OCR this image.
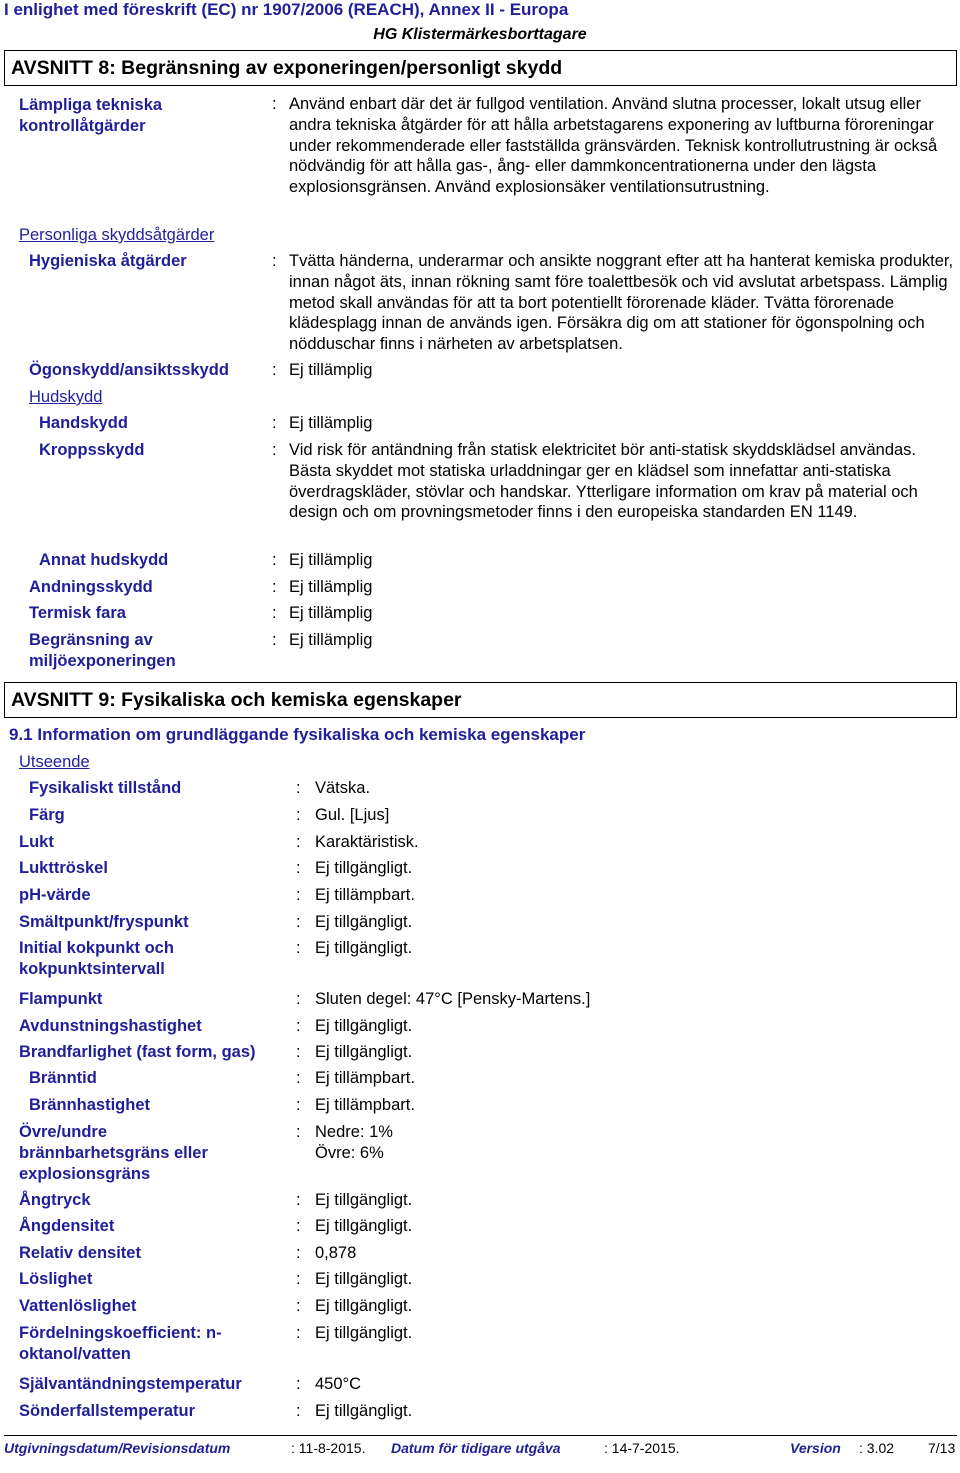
I enlighet med föreskrift (EC) nr 1907/2006 (REACH), Annex II - Europa
HG Klistermärkesborttagare
AVSNITT 8: Begränsning av exponeringen/personligt skydd
Lämpliga tekniska kontrollåtgärder
: Använd enbart där det är fullgod ventilation. Använd slutna processer, lokalt utsug eller andra tekniska åtgärder för att hålla arbetstagarens exponering av luftburna föroreningar under rekommenderade eller fastställda gränsvärden. Teknisk kontrollutrustning är också nödvändig för att hålla gas-, ång- eller dammkoncentrationerna under den lägsta explosionsgränsen. Använd explosionsäker ventilationsutrustning.
Personliga skyddsåtgärder
Hygieniska åtgärder	: Tvätta händerna, underarmar och ansikte noggrant efter att ha hanterat kemiska produkter, innan något äts, innan rökning samt före toalettbesök och vid avslutat arbetspass. Lämplig metod skall användas för att ta bort potentiellt förorenade kläder. Tvätta förorenade klädesplagg innan de används igen. Försäkra dig om att stationer för ögonspolning och nödduschar finns i närheten av arbetsplatsen.
Ögonskydd/ansiktsskydd	: Ej tillämplig
Hudskydd
Handskydd	: Ej tillämplig
Kroppsskydd	: Vid risk för antändning från statisk elektricitet bör anti-statisk skyddsklädsel användas. Bästa skyddet mot statiska urladdningar ger en klädsel som innefattar anti-statiska överdragskläder, stövlar och handskar. Ytterligare information om krav på material och design och om provningsmetoder finns i den europeiska standarden EN 1149.
Annat hudskydd	: Ej tillämplig
Andningsskydd	: Ej tillämplig
Termisk fara	: Ej tillämplig
Begränsning av miljöexponeringen
: Ej tillämplig
AVSNITT 9: Fysikaliska och kemiska egenskaper
9.1 Information om grundläggande fysikaliska och kemiska egenskaper
Utseende
Fysikaliskt tillstånd	: Vätska.
Färg	: Gul. [Ljus]
Lukt	: Karaktäristisk.
Lukttröskel	: Ej tillgängligt.
pH-värde	: Ej tillämpbart.
Smältpunkt/fryspunkt	: Ej tillgängligt.
Initial kokpunkt och kokpunktsintervall
: Ej tillgängligt.
Flampunkt	: Sluten degel: 47°C [Pensky-Martens.]
Avdunstningshastighet	: Ej tillgängligt.
Brandfarlighet (fast form, gas) : Ej tillgängligt.
Bränntid	: Ej tillämpbart.
Brännhastighet	: Ej tillämpbart.
Övre/undre brännbarhetsgräns eller explosionsgräns
: Nedre: 1%
Övre: 6%
Ångtryck	: Ej tillgängligt.
Ångdensitet	: Ej tillgängligt.
Relativ densitet	: 0,878
Löslighet	: Ej tillgängligt.
Vattenlöslighet	: Ej tillgängligt.
Fördelningskoefficient: n-oktanol/vatten
: Ej tillgängligt.
Självantändningstemperatur	: 450°C
Sönderfallstemperatur	: Ej tillgängligt.
Utgivningsdatum/Revisionsdatum	: 11-8-2015. Datum för tidigare utgåva	: 14-7-2015.	Version : 3.02 7/13
